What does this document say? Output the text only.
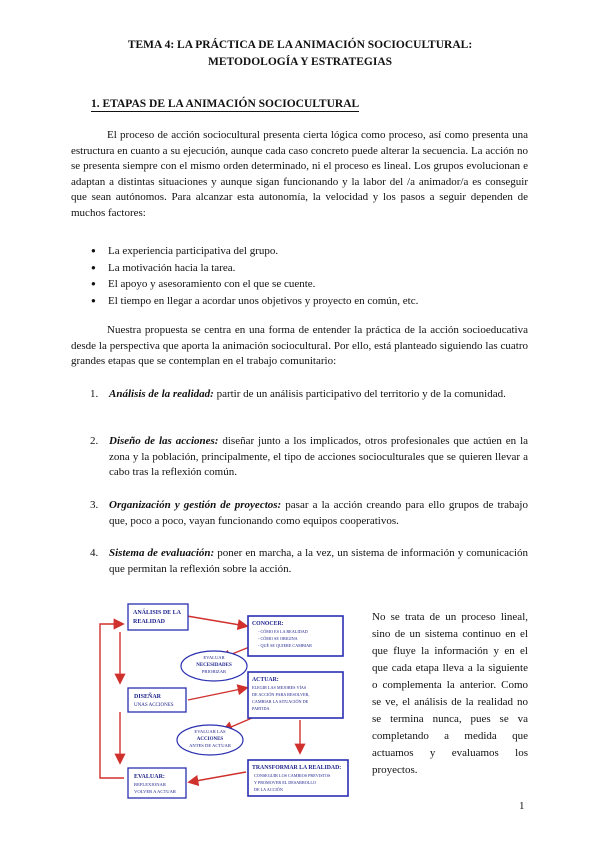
TEMA 4: LA PRÁCTICA DE LA ANIMACIÓN SOCIOCULTURAL:
METODOLOGÍA Y ESTRATEGIAS
1. ETAPAS DE LA ANIMACIÓN SOCIOCULTURAL

El proceso de acción sociocultural presenta cierta lógica como proceso, así como presenta una estructura en cuanto a su ejecución, aunque cada caso concreto puede alterar la secuencia. La acción no se presenta siempre con el mismo orden determinado, ni el proceso es lineal. Los grupos evolucionan e adaptan a distintas situaciones y aunque sigan funcionando y la labor del /a animador/a es conseguir que sean autónomos. Para alcanzar esta autonomía, la velocidad y los pasos a seguir dependen de muchos factores:

● La experiencia participativa del grupo.
● La motivación hacia la tarea.
● El apoyo y asesoramiento con el que se cuente.
● El tiempo en llegar a acordar unos objetivos y proyecto en común, etc.

Nuestra propuesta se centra en una forma de entender la práctica de la acción socioeducativa desde la perspectiva que aporta la animación sociocultural. Por ello, está planteado siguiendo las cuatro grandes etapas que se contemplan en el trabajo comunitario:

1. Análisis de la realidad: partir de un análisis participativo del territorio y de la comunidad.
2. Diseño de las acciones: diseñar junto a los implicados, otros profesionales que actúen en la zona y la población, principalmente, el tipo de acciones socioculturales que se quieren llevar a cabo tras la reflexión común.
3. Organización y gestión de proyectos: pasar a la acción creando para ello grupos de trabajo que, poco a poco, vayan funcionando como equipos cooperativos.
4. Sistema de evaluación: poner en marcha, a la vez, un sistema de información y comunicación que permitan la reflexión sobre la acción.
ANÁLISIS DE LA
REALIDAD	CONOCER:
- CÓMO ES LA REALIDAD
- CÓMO SE ORIGINA
- QUÉ SE QUIERE CAMBIAR
EVALUAR
NECESIDADES
PRIORIZAR
DISEÑAR
UNAS ACCIONES
ACTUAR:
ELEGIR LAS MEJORES VÍAS
DE ACCIÓN PARA RESOLVER,
CAMBIAR LA SITUACIÓN DE
PARTIDA
EVALUAR LAS
ACCIONES
ANTES DE ACTUAR
EVALUAR:
REFLEXIONAR
VOLVER A ACTUAR
TRANSFORMAR LA REALIDAD:
CONSEGUIR LOS CAMBIOS PREVISTOS
Y PROMOVER EL DESARROLLO
DE LA ACCIÓN
No se trata de un proceso lineal, sino de un sistema continuo en el que fluye la información y en el que cada etapa lleva a la siguiente o complementa la anterior. Como se ve, el análisis de la realidad no se termina nunca, pues se va completando a medida que actuamos y evaluamos los proyectos.
1
